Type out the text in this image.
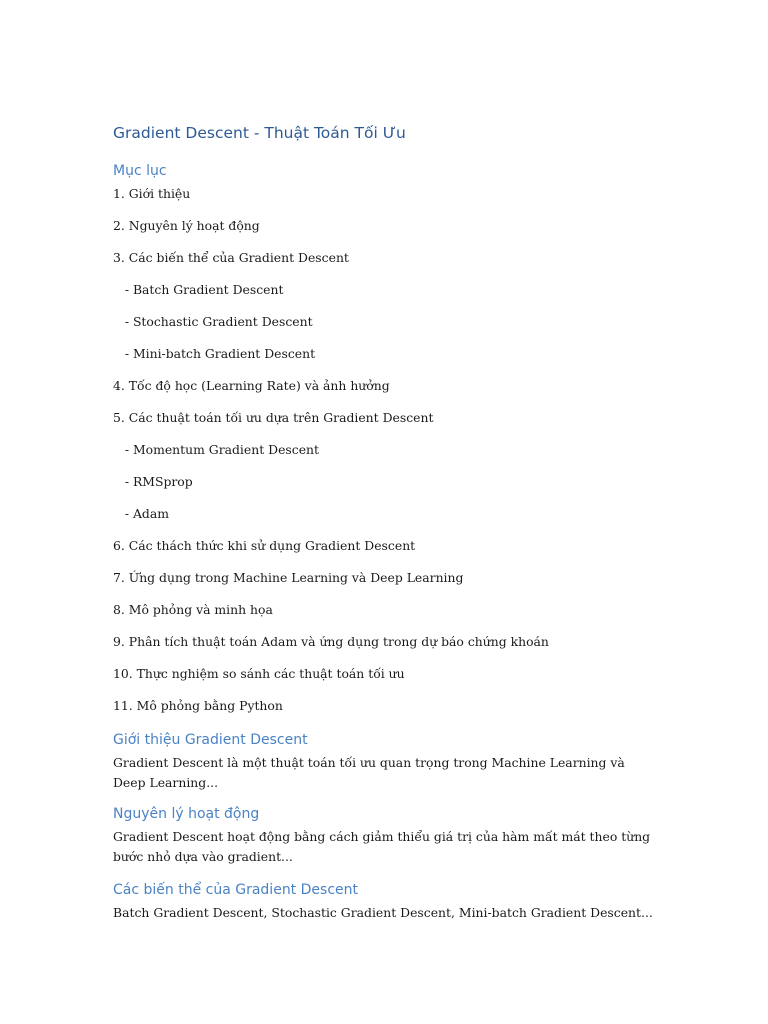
Gradient Descent - Thuật Toán Tối Ưu
Mục lục

1. Giới thiệu

2. Nguyên lý hoạt động

3. Các biến thể của Gradient Descent

- Batch Gradient Descent

- Stochastic Gradient Descent

- Mini-batch Gradient Descent

4. Tốc độ học (Learning Rate) và ảnh hưởng

5. Các thuật toán tối ưu dựa trên Gradient Descent

- Momentum Gradient Descent

- RMSprop

- Adam

6. Các thách thức khi sử dụng Gradient Descent

7. Ứng dụng trong Machine Learning và Deep Learning

8. Mô phỏng và minh họa

9. Phân tích thuật toán Adam và ứng dụng trong dự báo chứng khoán

10. Thực nghiệm so sánh các thuật toán tối ưu

11. Mô phỏng bằng Python

Giới thiệu Gradient Descent

Gradient Descent là một thuật toán tối ưu quan trọng trong Machine Learning và Deep Learning...

Nguyên lý hoạt động

Gradient Descent hoạt động bằng cách giảm thiểu giá trị của hàm mất mát theo từng bước nhỏ dựa vào gradient...

Các biến thể của Gradient Descent

Batch Gradient Descent, Stochastic Gradient Descent, Mini-batch Gradient Descent...
